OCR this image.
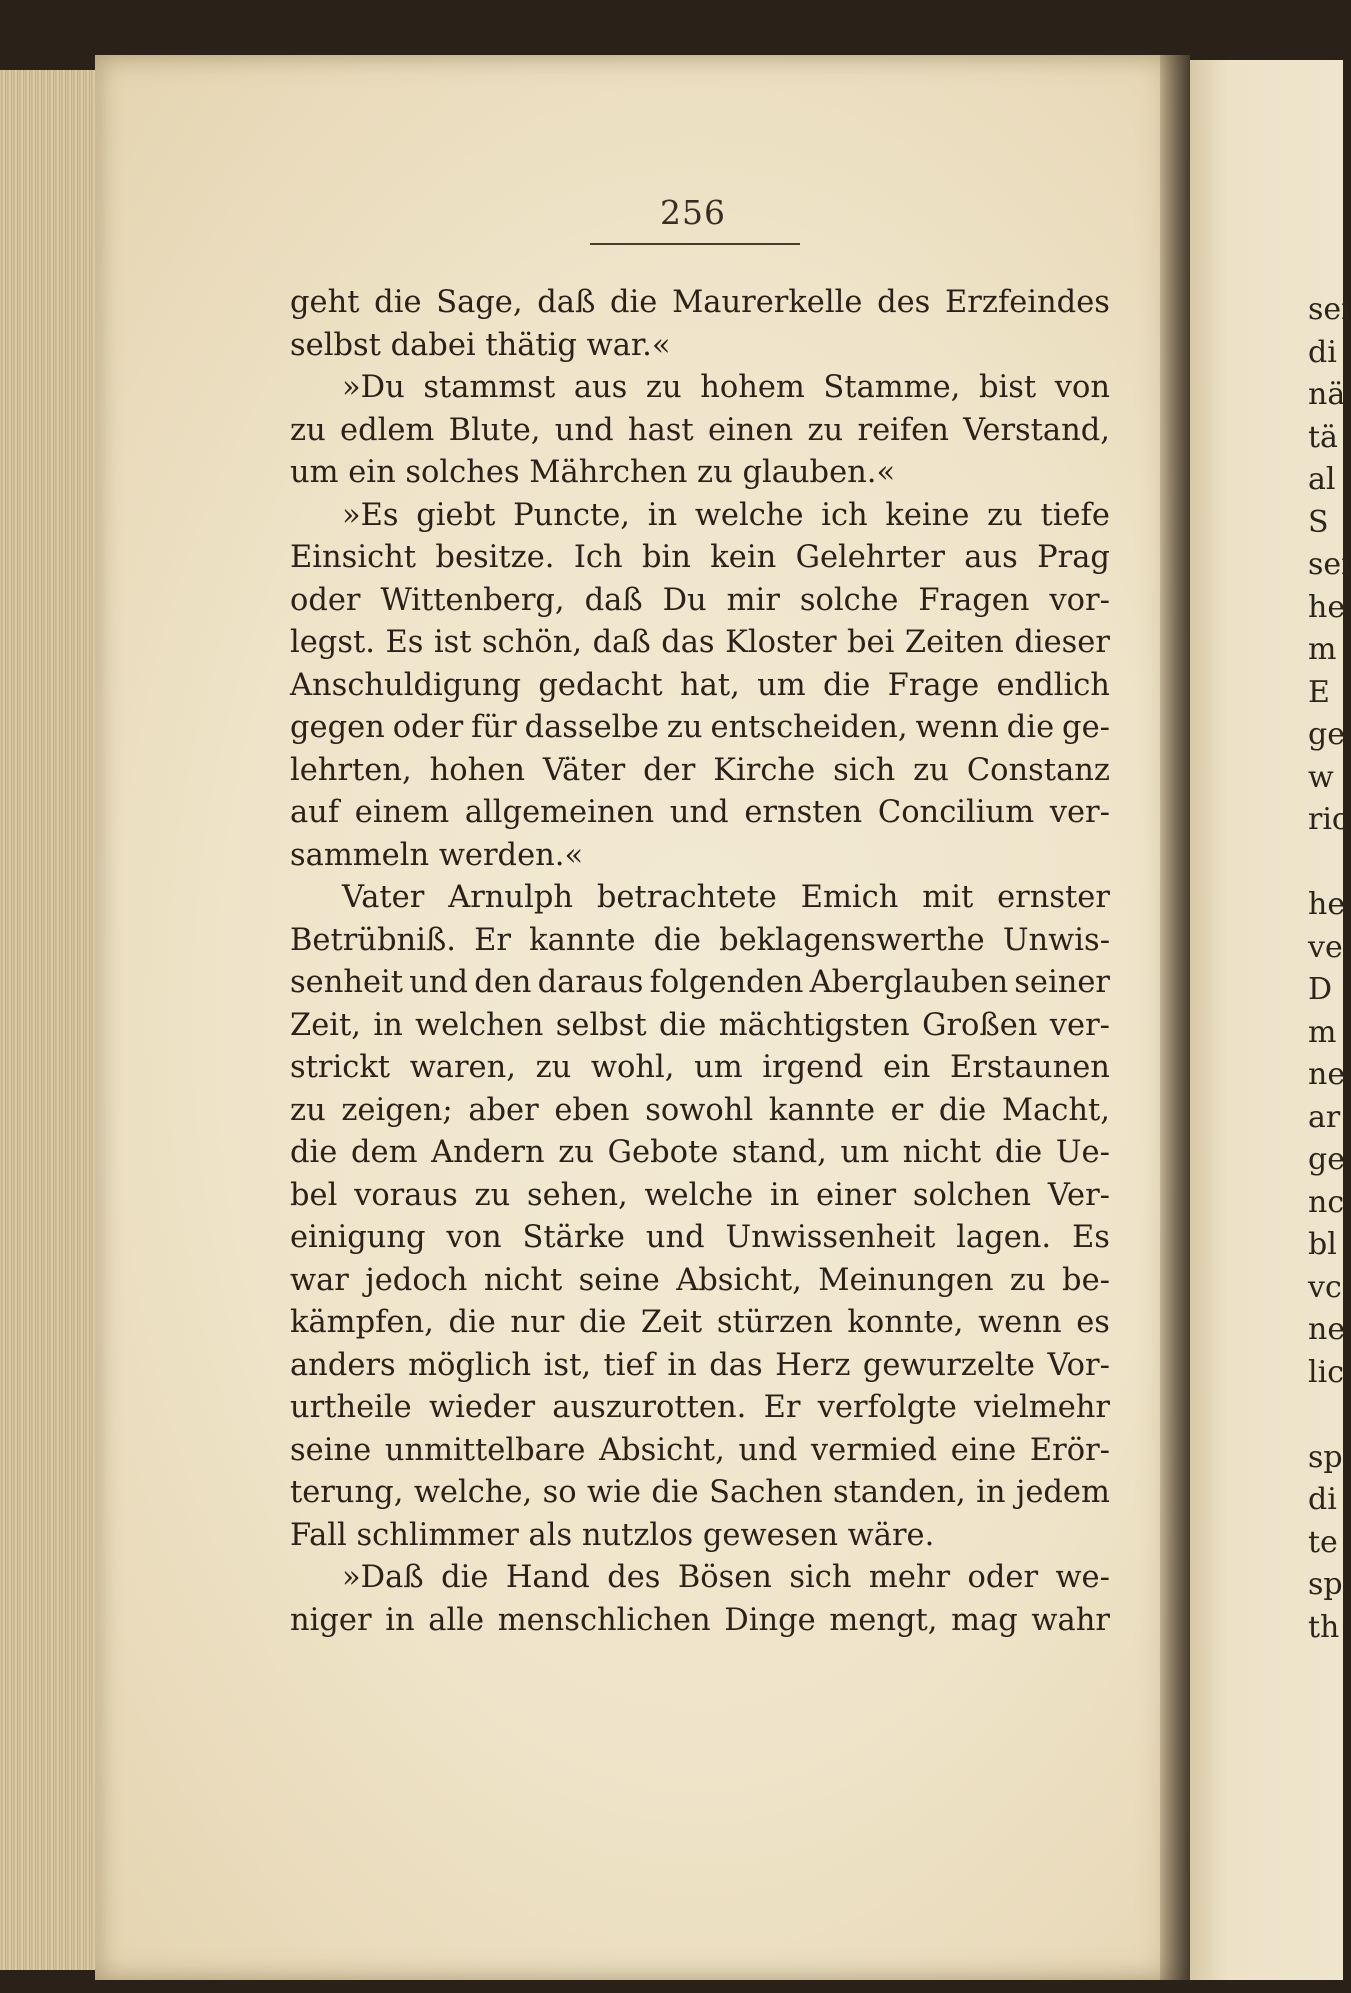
sei
di
nä
tä
al
S
sei
he
m
E
ge
w
ric
he
ve
D
m
ne
ar
ge
nc
bl
vc
ne
lic
sp
di
te
sp
th
256
geht die Sage, daß die Maurerkelle des Erzfeindes
selbst dabei thätig war.«
»Du stammst aus zu hohem Stamme, bist von
zu edlem Blute, und hast einen zu reifen Verstand,
um ein solches Mährchen zu glauben.«
»Es giebt Puncte, in welche ich keine zu tiefe
Einsicht besitze. Ich bin kein Gelehrter aus Prag
oder Wittenberg, daß Du mir solche Fragen vor-
legst. Es ist schön, daß das Kloster bei Zeiten dieser
Anschuldigung gedacht hat, um die Frage endlich
gegen oder für dasselbe zu entscheiden, wenn die ge-
lehrten, hohen Väter der Kirche sich zu Constanz
auf einem allgemeinen und ernsten Concilium ver-
sammeln werden.«
Vater Arnulph betrachtete Emich mit ernster
Betrübniß. Er kannte die beklagenswerthe Unwis-
senheit und den daraus folgenden Aberglauben seiner
Zeit, in welchen selbst die mächtigsten Großen ver-
strickt waren, zu wohl, um irgend ein Erstaunen
zu zeigen; aber eben sowohl kannte er die Macht,
die dem Andern zu Gebote stand, um nicht die Ue-
bel voraus zu sehen, welche in einer solchen Ver-
einigung von Stärke und Unwissenheit lagen. Es
war jedoch nicht seine Absicht, Meinungen zu be-
kämpfen, die nur die Zeit stürzen konnte, wenn es
anders möglich ist, tief in das Herz gewurzelte Vor-
urtheile wieder auszurotten. Er verfolgte vielmehr
seine unmittelbare Absicht, und vermied eine Erör-
terung, welche, so wie die Sachen standen, in jedem
Fall schlimmer als nutzlos gewesen wäre.
»Daß die Hand des Bösen sich mehr oder we-
niger in alle menschlichen Dinge mengt, mag wahr
